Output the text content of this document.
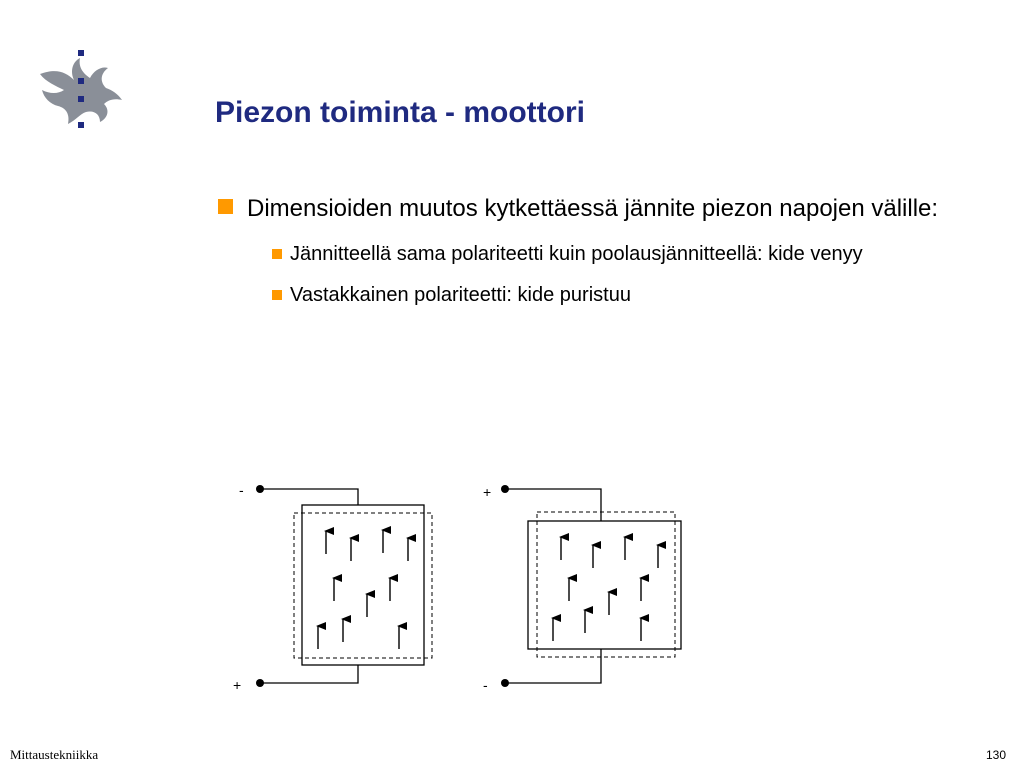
Piezon toiminta - moottori
Dimensioiden muutos kytkettäessä jännite piezon napojen välille:
Jännitteellä sama polariteetti kuin poolausjännitteellä: kide venyy
Vastakkainen polariteetti: kide puristuu
-
+
+
-
Mittaustekniikka	130
